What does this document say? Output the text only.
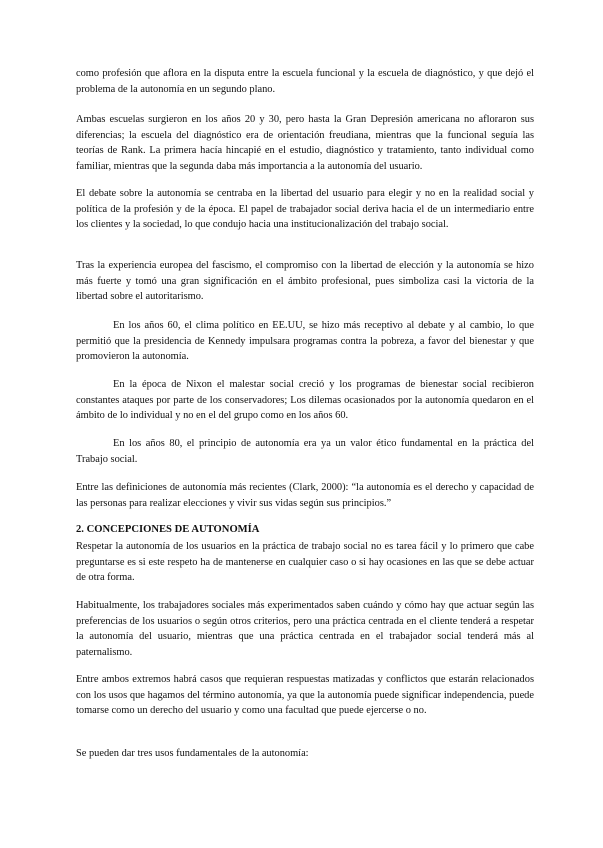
como profesión que aflora en la disputa entre la escuela funcional y la escuela de diagnóstico, y que dejó el problema de la autonomía en un segundo plano.

Ambas escuelas surgieron en los años 20 y 30, pero hasta la Gran Depresión americana no afloraron sus diferencias; la escuela del diagnóstico era de orientación freudiana, mientras que la funcional seguía las teorías de Rank. La primera hacía hincapié en el estudio, diagnóstico y tratamiento, tanto individual como familiar, mientras que la segunda daba más importancia a la autonomía del usuario.

El debate sobre la autonomía se centraba en la libertad del usuario para elegir y no en la realidad social y política de la profesión y de la época. El papel de trabajador social deriva hacia el de un intermediario entre los clientes y la sociedad, lo que condujo hacia una institucionalización del trabajo social.

Tras la experiencia europea del fascismo, el compromiso con la libertad de elección y la autonomía se hizo más fuerte y tomó una gran significación en el ámbito profesional, pues simboliza casi la victoria de la libertad sobre el autoritarismo.

En los años 60, el clima político en EE.UU, se hizo más receptivo al debate y al cambio, lo que permitió que la presidencia de Kennedy impulsara programas contra la pobreza, a favor del bienestar y que promovieron la autonomía.

En la época de Nixon el malestar social creció y los programas de bienestar social recibieron constantes ataques por parte de los conservadores; Los dilemas ocasionados por la autonomía quedaron en el ámbito de lo individual y no en el del grupo como en los años 60.

En los años 80, el principio de autonomía era ya un valor ético fundamental en la práctica del Trabajo social.

Entre las definiciones de autonomía más recientes (Clark, 2000): “la autonomía es el derecho y capacidad de las personas para realizar elecciones y vivir sus vidas según sus principios.”

2. CONCEPCIONES DE AUTONOMÍA

Respetar la autonomía de los usuarios en la práctica de trabajo social no es tarea fácil y lo primero que cabe preguntarse es si este respeto ha de mantenerse en cualquier caso o si hay ocasiones en las que se debe actuar de otra forma.

Habitualmente, los trabajadores sociales más experimentados saben cuándo y cómo hay que actuar según las preferencias de los usuarios o según otros criterios, pero una práctica centrada en el cliente tenderá a respetar la autonomía del usuario, mientras que una práctica centrada en el trabajador social tenderá más al paternalismo.

Entre ambos extremos habrá casos que requieran respuestas matizadas y conflictos que estarán relacionados con los usos que hagamos del término autonomía, ya que la autonomía puede significar independencia, puede tomarse como un derecho del usuario y como una facultad que puede ejercerse o no.

Se pueden dar tres usos fundamentales de la autonomía:
